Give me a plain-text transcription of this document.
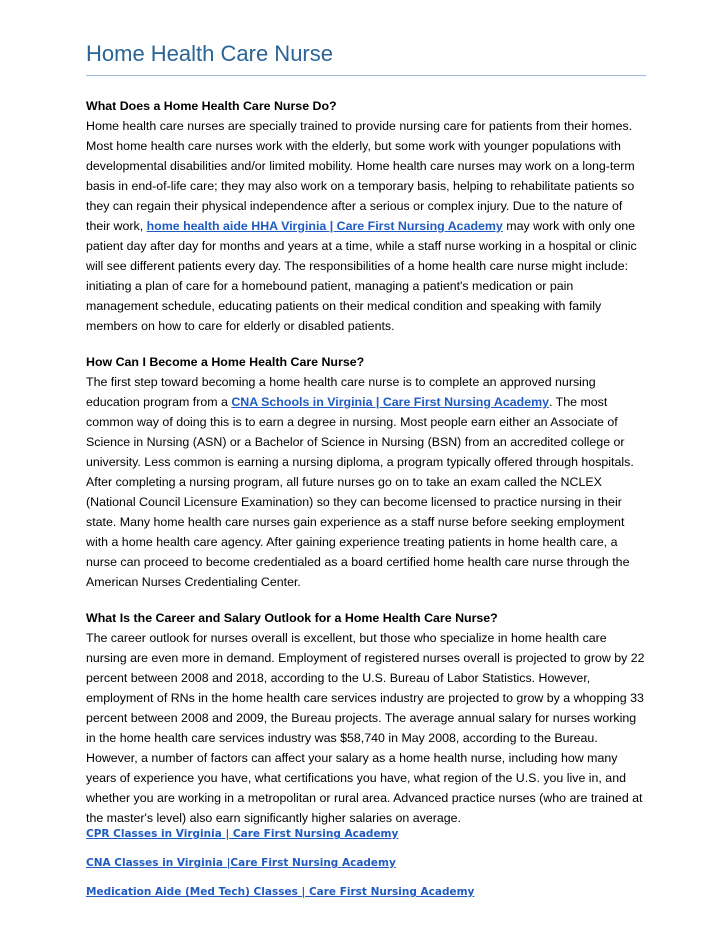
Home Health Care Nurse

What Does a Home Health Care Nurse Do?

Home health care nurses are specially trained to provide nursing care for patients from their homes. Most home health care nurses work with the elderly, but some work with younger populations with developmental disabilities and/or limited mobility. Home health care nurses may work on a long-term basis in end-of-life care; they may also work on a temporary basis, helping to rehabilitate patients so they can regain their physical independence after a serious or complex injury. Due to the nature of their work, home health aide HHA Virginia | Care First Nursing Academy may work with only one patient day after day for months and years at a time, while a staff nurse working in a hospital or clinic will see different patients every day. The responsibilities of a home health care nurse might include: initiating a plan of care for a homebound patient, managing a patient's medication or pain management schedule, educating patients on their medical condition and speaking with family members on how to care for elderly or disabled patients.

How Can I Become a Home Health Care Nurse?

The first step toward becoming a home health care nurse is to complete an approved nursing education program from a CNA Schools in Virginia | Care First Nursing Academy. The most common way of doing this is to earn a degree in nursing. Most people earn either an Associate of Science in Nursing (ASN) or a Bachelor of Science in Nursing (BSN) from an accredited college or university. Less common is earning a nursing diploma, a program typically offered through hospitals. After completing a nursing program, all future nurses go on to take an exam called the NCLEX (National Council Licensure Examination) so they can become licensed to practice nursing in their state. Many home health care nurses gain experience as a staff nurse before seeking employment with a home health care agency. After gaining experience treating patients in home health care, a nurse can proceed to become credentialed as a board certified home health care nurse through the American Nurses Credentialing Center.

What Is the Career and Salary Outlook for a Home Health Care Nurse?

The career outlook for nurses overall is excellent, but those who specialize in home health care nursing are even more in demand. Employment of registered nurses overall is projected to grow by 22 percent between 2008 and 2018, according to the U.S. Bureau of Labor Statistics. However, employment of RNs in the home health care services industry are projected to grow by a whopping 33 percent between 2008 and 2009, the Bureau projects. The average annual salary for nurses working in the home health care services industry was $58,740 in May 2008, according to the Bureau. However, a number of factors can affect your salary as a home health nurse, including how many years of experience you have, what certifications you have, what region of the U.S. you live in, and whether you are working in a metropolitan or rural area. Advanced practice nurses (who are trained at the master's level) also earn significantly higher salaries on average.

CPR Classes in Virginia | Care First Nursing Academy
CNA Classes in Virginia |Care First Nursing Academy
Medication Aide (Med Tech) Classes | Care First Nursing Academy
